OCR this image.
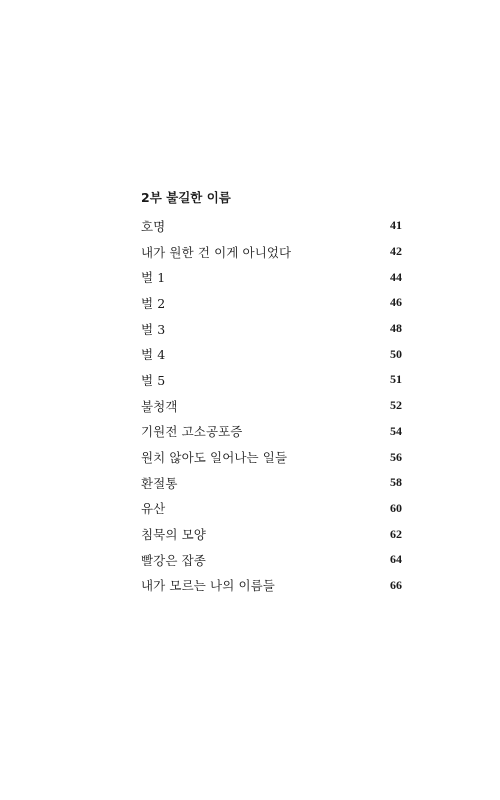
2부 불길한 이름
호명	41
내가 원한 건 이게 아니었다	42
벌 1	44
벌 2	46
벌 3	48
벌 4	50
벌 5	51
불청객	52
기원전 고소공포증	54
원치 않아도 일어나는 일들	56
환절통	58
유산	60
침묵의 모양	62
빨강은 잡종	64
내가 모르는 나의 이름들	66
